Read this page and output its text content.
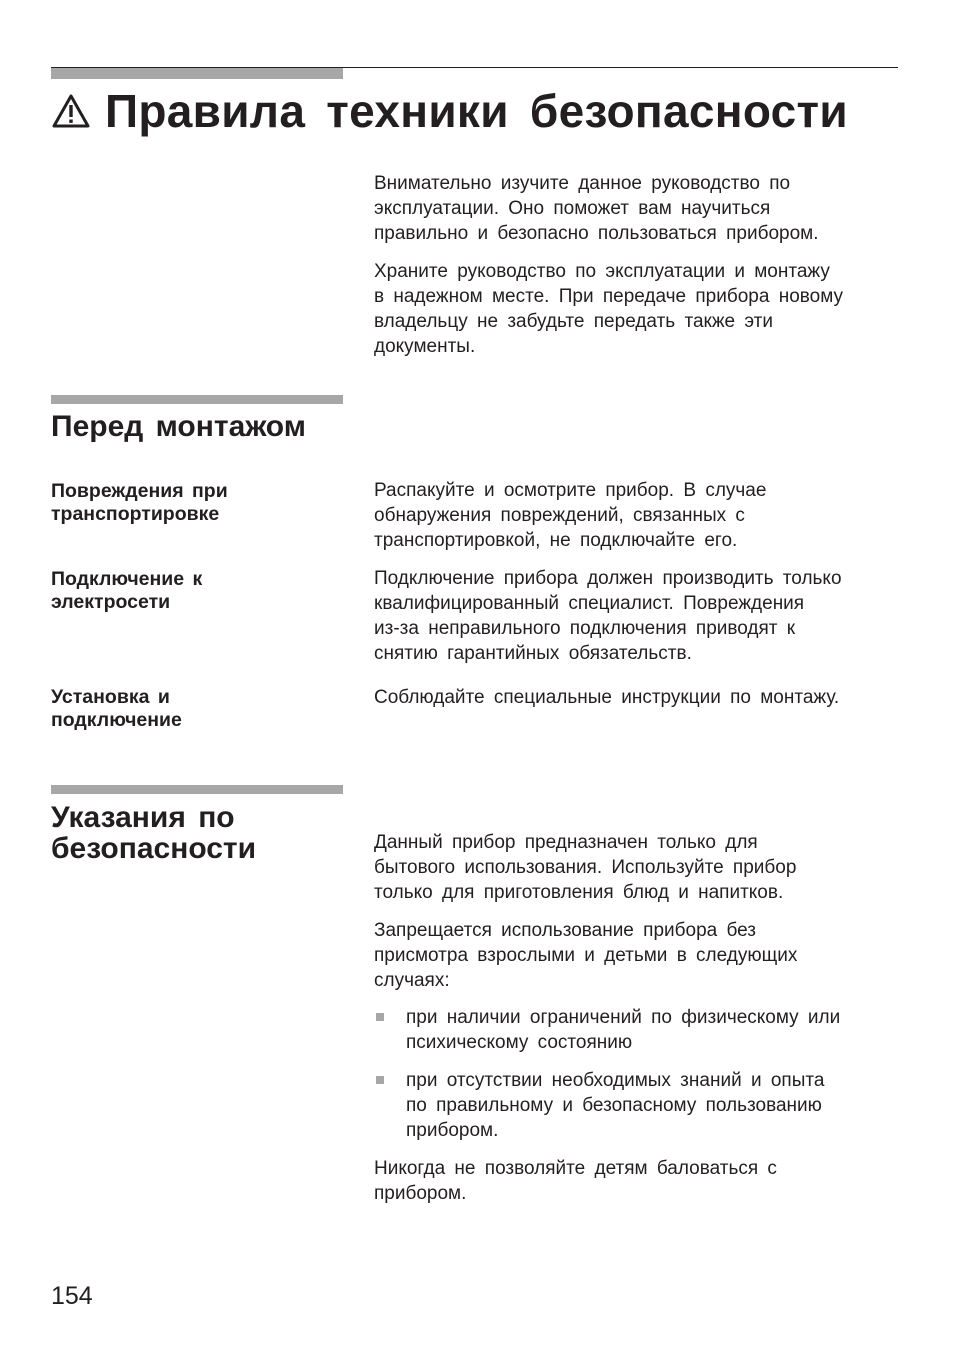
Правила техники безопасности
Внимательно изучите данное руководство по
эксплуатации. Оно поможет вам научиться
правильно и безопасно пользоваться прибором.
Храните руководство по эксплуатации и монтажу
в надежном месте. При передаче прибора новому
владельцу не забудьте передать также эти
документы.
Перед монтажом
Повреждения при
транспортировке
Распакуйте и осмотрите прибор. В случае
обнаружения повреждений, связанных с
транспортировкой, не подключайте его.
Подключение к
электросети
Подключение прибора должен производить только
квалифицированный специалист. Повреждения
из-за неправильного подключения приводят к
снятию гарантийных обязательств.
Установка и
подключение
Соблюдайте специальные инструкции по монтажу.
Указания по
безопасности	Данный прибор предназначен только для
бытового использования. Используйте прибор
только для приготовления блюд и напитков.
Запрещается использование прибора без
присмотра взрослыми и детьми в следующих
случаях:
при наличии ограничений по физическому или
психическому состоянию
при отсутствии необходимых знаний и опыта
по правильному и безопасному пользованию
прибором.
Никогда не позволяйте детям баловаться с
прибором.
154
